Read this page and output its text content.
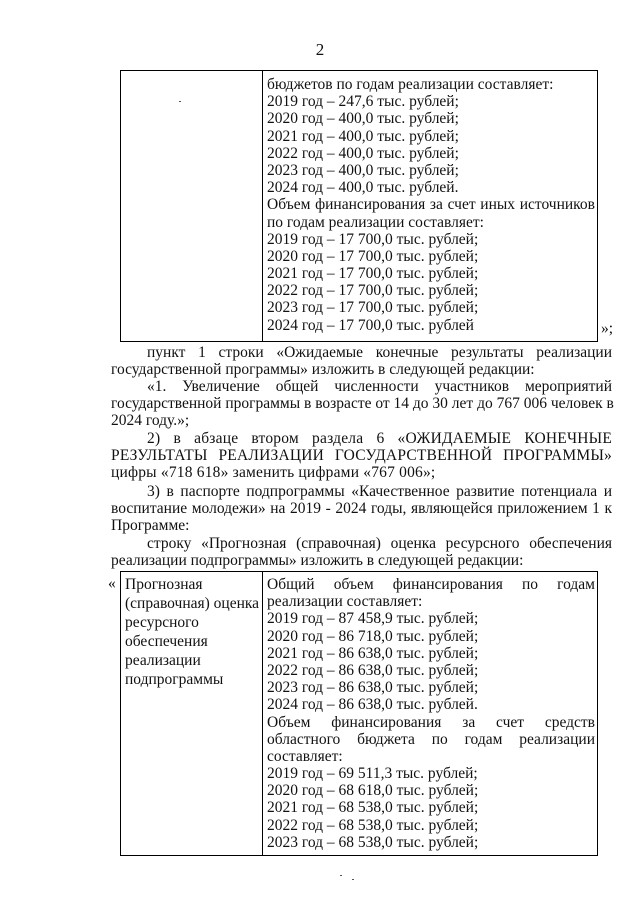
2
бюджетов по годам реализации составляет:
2019 год – 247,6 тыс. рублей;
2020 год – 400,0 тыс. рублей;
2021 год – 400,0 тыс. рублей;
2022 год – 400,0 тыс. рублей;
2023 год – 400,0 тыс. рублей;
2024 год – 400,0 тыс. рублей.
Объем финансирования за счет иных источников
по годам реализации составляет:
2019 год – 17 700,0 тыс. рублей;
2020 год – 17 700,0 тыс. рублей;
2021 год – 17 700,0 тыс. рублей;
2022 год – 17 700,0 тыс. рублей;
2023 год – 17 700,0 тыс. рублей;
2024 год – 17 700,0 тыс. рублей	»;
пункт 1 строки «Ожидаемые конечные результаты реализации
государственной программы» изложить в следующей редакции:
«1. Увеличение общей численности участников мероприятий
государственной программы в возрасте от 14 до 30 лет до 767 006 человек в
2024 году.»;
2) в абзаце втором раздела 6 «ОЖИДАЕМЫЕ КОНЕЧНЫЕ
РЕЗУЛЬТАТЫ РЕАЛИЗАЦИИ ГОСУДАРСТВЕННОЙ ПРОГРАММЫ»
цифры «718 618» заменить цифрами «767 006»;
3) в паспорте подпрограммы «Качественное развитие потенциала и
воспитание молодежи» на 2019 - 2024 годы, являющейся приложением 1 к
Программе:
строку «Прогнозная (справочная) оценка ресурсного обеспечения
реализации подпрограммы» изложить в следующей редакции:
« Прогнозная
(справочная) оценка
ресурсного
обеспечения
реализации
подпрограммы
Общий объем финансирования по годам
реализации составляет:
2019 год – 87 458,9 тыс. рублей;
2020 год – 86 718,0 тыс. рублей;
2021 год – 86 638,0 тыс. рублей;
2022 год – 86 638,0 тыс. рублей;
2023 год – 86 638,0 тыс. рублей;
2024 год – 86 638,0 тыс. рублей.
Объем финансирования за счет средств
областного бюджета по годам реализации
составляет:
2019 год – 69 511,3 тыс. рублей;
2020 год – 68 618,0 тыс. рублей;
2021 год – 68 538,0 тыс. рублей;
2022 год – 68 538,0 тыс. рублей;
2023 год – 68 538,0 тыс. рублей;
